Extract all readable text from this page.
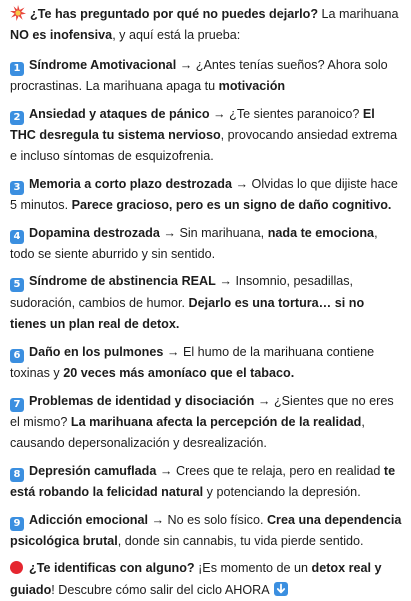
¿Te has preguntado por qué no puedes dejarlo? La marihuana NO es inofensiva, y aquí está la prueba:

1 Síndrome Amotivacional → ¿Antes tenías sueños? Ahora solo procrastinas. La marihuana apaga tu motivación

2 Ansiedad y ataques de pánico → ¿Te sientes paranoico? El THC desregula tu sistema nervioso, provocando ansiedad extrema e incluso síntomas de esquizofrenia.

3 Memoria a corto plazo destrozada → Olvidas lo que dijiste hace 5 minutos. Parece gracioso, pero es un signo de daño cognitivo.

4 Dopamina destrozada → Sin marihuana, nada te emociona, todo se siente aburrido y sin sentido.

5 Síndrome de abstinencia REAL → Insomnio, pesadillas, sudoración, cambios de humor. Dejarlo es una tortura… si no tienes un plan real de detox.

6 Daño en los pulmones → El humo de la marihuana contiene toxinas y 20 veces más amoníaco que el tabaco.

7 Problemas de identidad y disociación → ¿Sientes que no eres el mismo? La marihuana afecta la percepción de la realidad, causando depersonalización y desrealización.

8 Depresión camuflada → Crees que te relaja, pero en realidad te está robando la felicidad natural y potenciando la depresión.

9 Adicción emocional → No es solo físico. Crea una dependencia psicológica brutal, donde sin cannabis, tu vida pierde sentido.

¿Te identificas con alguno? ¡Es momento de un detox real y guiado! Descubre cómo salir del ciclo AHORA
